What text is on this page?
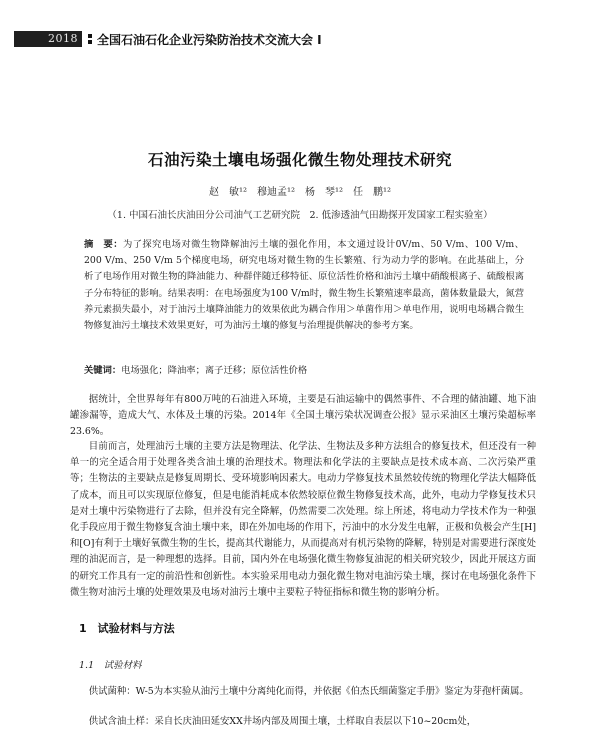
2018	全国石油石化企业污染防治技术交流大会 I
石油污染土壤电场强化微生物处理技术研究
赵　敏¹²　穆迪孟¹²　杨　琴¹²　任　鹏¹²
（1. 中国石油长庆油田分公司油气工艺研究院　2. 低渗透油气田勘探开发国家工程实验室）

摘　要：为了探究电场对微生物降解油污土壤的强化作用，本文通过设计0V/m、50 V/m、100 V/m、200 V/m、250 V/m 5个梯度电场，研究电场对微生物的生长繁殖、行为动力学的影响。在此基础上，分析了电场作用对微生物的降油能力、种群伴随迁移特征、原位活性价格和油污土壤中硝酸根离子、硫酸根离子分布特征的影响。结果表明：在电场强度为100 V/m时，微生物生长繁殖速率最高，菌体数量最大，氮营养元素损失最小，对于油污土壤降油能力的效果依此为耦合作用＞单菌作用＞单电作用，说明电场耦合微生物修复油污土壤技术效果更好，可为油污土壤的修复与治理提供解决的参考方案。

关键词：电场强化；降油率；离子迁移；原位活性价格

据统计，全世界每年有800万吨的石油进入环境，主要是石油运输中的偶然事件、不合理的储油罐、地下油罐渗漏等，造成大气、水体及土壤的污染。2014年《全国土壤污染状况调查公报》显示采油区土壤污染超标率23.6%。

目前而言，处理油污土壤的主要方法是物理法、化学法、生物法及多种方法组合的修复技术，但还没有一种单一的完全适合用于处理各类含油土壤的治理技术。物理法和化学法的主要缺点是技术成本高、二次污染严重等；生物法的主要缺点是修复周期长、受环境影响因素大。电动力学修复技术虽然较传统的物理化学法大幅降低了成本，而且可以实现原位修复，但是电能消耗成本依然较原位微生物修复技术高，此外，电动力学修复技术只是对土壤中污染物进行了去除，但并没有完全降解，仍然需要二次处理。综上所述，将电动力学技术作为一种强化手段应用于微生物修复含油土壤中来，即在外加电场的作用下，污油中的水分发生电解，正极和负极会产生[H]和[O]有利于土壤好氧微生物的生长，提高其代谢能力，从而提高对有机污染物的降解，特别是对需要进行深度处理的油泥而言，是一种理想的选择。目前，国内外在电场强化微生物修复油泥的相关研究较少，因此开展这方面的研究工作具有一定的前沿性和创新性。本实验采用电动力强化微生物对电油污染土壤，探讨在电场强化条件下微生物对油污土壤的处理效果及电场对油污土壤中主要粒子特征指标和微生物的影响分析。

1　试验材料与方法
1.1　试验材料

供试菌种：W-5为本实验从油污土壤中分离纯化而得，并依据《伯杰氏细菌鉴定手册》鉴定为芽孢杆菌属。

供试含油土样：采自长庆油田延安XX井场内部及周围土壤，土样取自表层以下10~20cm处，
